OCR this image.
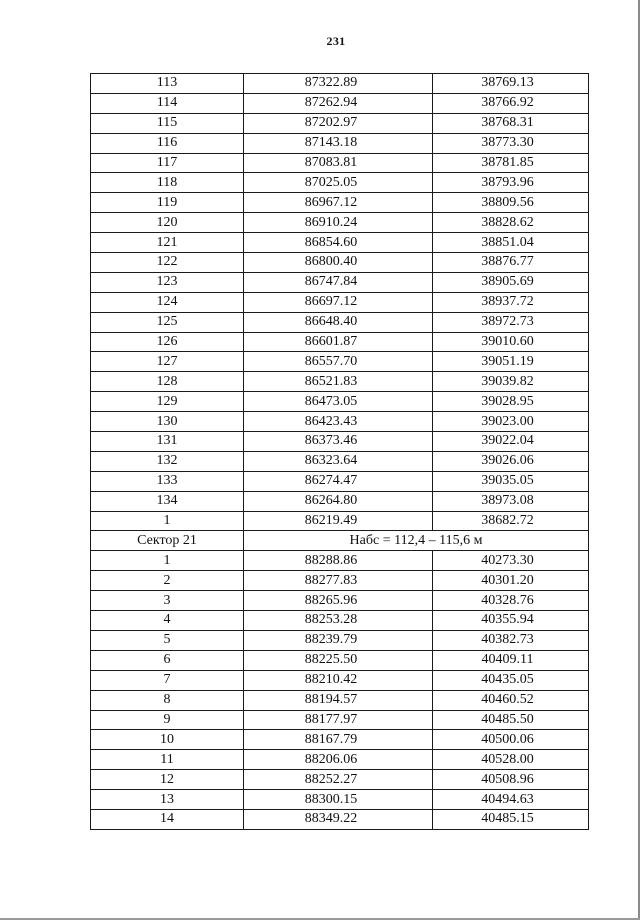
231
113	87322.89	38769.13
114	87262.94	38766.92
115	87202.97	38768.31
116	87143.18	38773.30
117	87083.81	38781.85
118	87025.05	38793.96
119	86967.12	38809.56
120	86910.24	38828.62
121	86854.60	38851.04
122	86800.40	38876.77
123	86747.84	38905.69
124	86697.12	38937.72
125	86648.40	38972.73
126	86601.87	39010.60
127	86557.70	39051.19
128	86521.83	39039.82
129	86473.05	39028.95
130	86423.43	39023.00
131	86373.46	39022.04
132	86323.64	39026.06
133	86274.47	39035.05
134	86264.80	38973.08
1	86219.49	38682.72
Сектор 21	Набс = 112,4 – 115,6 м	
1	88288.86	40273.30
2	88277.83	40301.20
3	88265.96	40328.76
4	88253.28	40355.94
5	88239.79	40382.73
6	88225.50	40409.11
7	88210.42	40435.05
8	88194.57	40460.52
9	88177.97	40485.50
10	88167.79	40500.06
11	88206.06	40528.00
12	88252.27	40508.96
13	88300.15	40494.63
14	88349.22	40485.15
